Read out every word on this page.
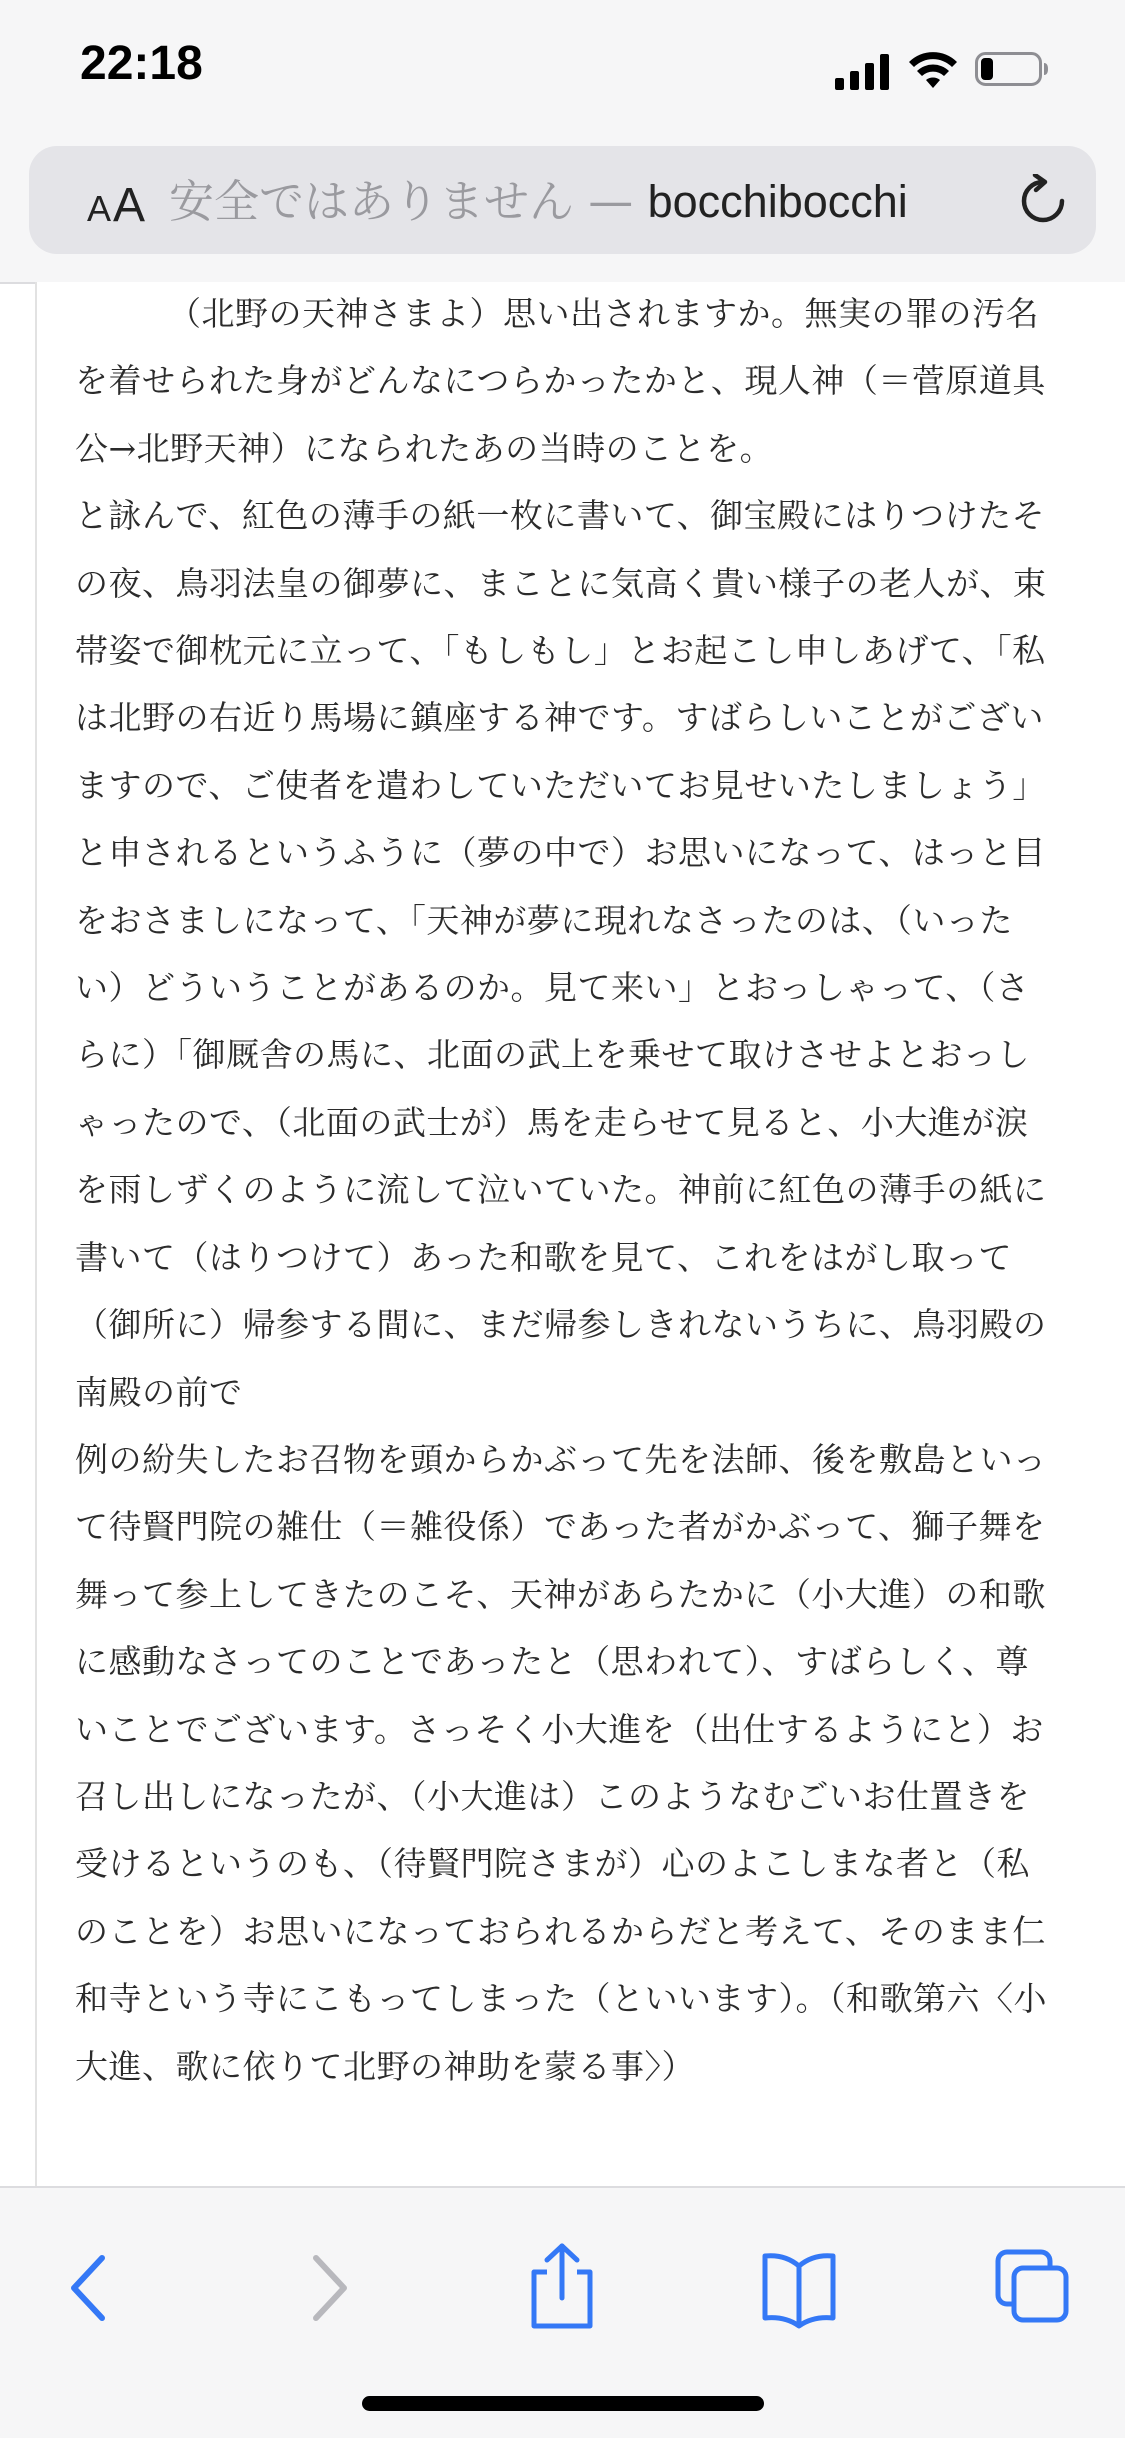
22:18
A A 安全ではありません — bocchibocchi

（北野の天神さまよ）思い出されますか。無実の罪の汚名を着せられた身がどんなにつらかったかと、現人神（＝菅原道具公→北野天神）になられたあの当時のことを。

と詠んで、紅色の薄手の紙一枚に書いて、御宝殿にはりつけたその夜、鳥羽法皇の御夢に、まことに気高く貴い様子の老人が、束帯姿で御枕元に立って、「もしもし」とお起こし申しあげて、「私は北野の右近り馬場に鎮座する神です。すばらしいことがございますので、ご使者を遣わしていただいてお見せいたしましょう」と申されるというふうに（夢の中で）お思いになって、はっと目をおさましになって、「天神が夢に現れなさったのは、（いったい）どういうことがあるのか。見て来い」とおっしゃって、（さらに）「御厩舎の馬に、北面の武上を乗せて取けさせよとおっしゃったので、（北面の武士が）馬を走らせて見ると、小大進が涙を雨しずくのように流して泣いていた。神前に紅色の薄手の紙に書いて（はりつけて）あった和歌を見て、これをはがし取って（御所に）帰参する間に、まだ帰参しきれないうちに、鳥羽殿の南殿の前で

例の紛失したお召物を頭からかぶって先を法師、後を敷島といって待賢門院の雑仕（＝雑役係）であった者がかぶって、獅子舞を舞って参上してきたのこそ、天神があらたかに（小大進）の和歌に感動なさってのことであったと（思われて）、すばらしく、尊いことでございます。さっそく小大進を（出仕するようにと）お召し出しになったが、（小大進は）このようなむごいお仕置きを受けるというのも、（待賢門院さまが）心のよこしまな者と（私のことを）お思いになっておられるからだと考えて、そのまま仁和寺という寺にこもってしまった（といいます）。（和歌第六〈小大進、歌に依りて北野の神助を蒙る事〉）
